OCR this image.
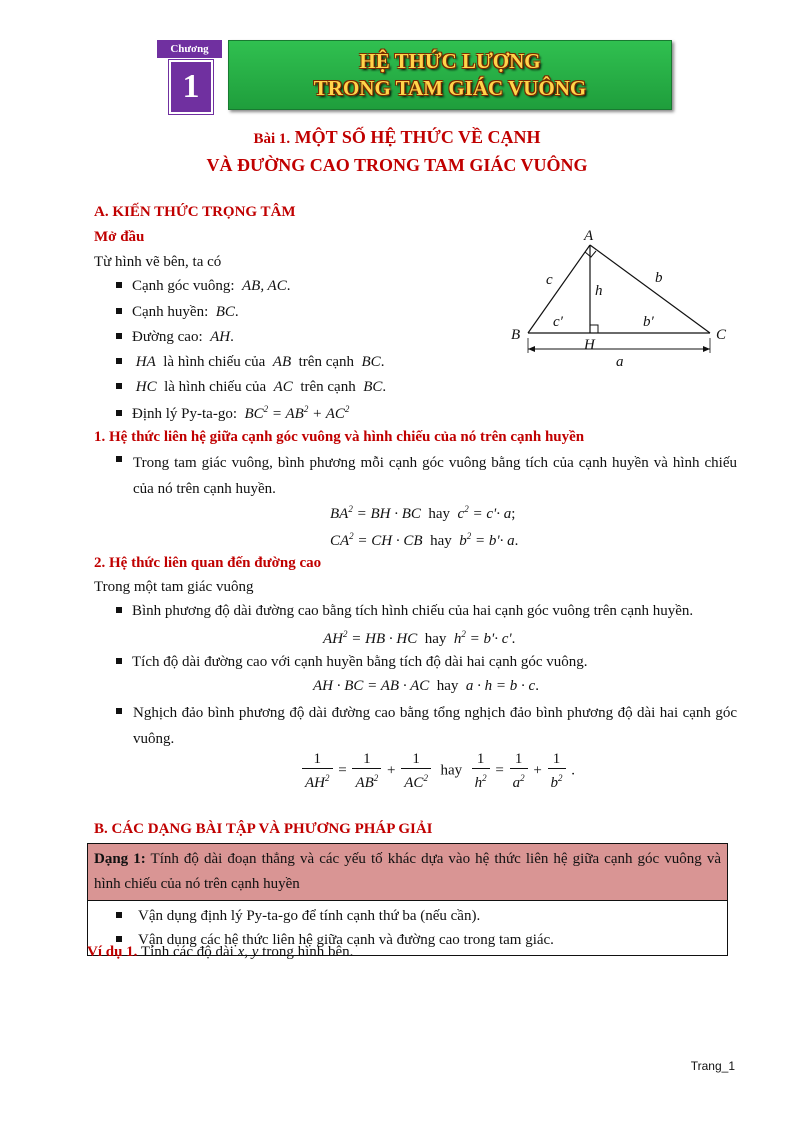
Chương
1
HỆ THỨC LƯỢNG
TRONG TAM GIÁC VUÔNG
Bài 1. MỘT SỐ HỆ THỨC VỀ CẠNH
VÀ ĐƯỜNG CAO TRONG TAM GIÁC VUÔNG
A. KIẾN THỨC TRỌNG TÂM
Mở đầu
Từ hình vẽ bên, ta có
Cạnh góc vuông: AB, AC.
Cạnh huyền: BC.
Đường cao: AH.
HA là hình chiếu của AB trên cạnh BC.
HC là hình chiếu của AC trên cạnh BC.
Định lý Py-ta-go: $BC^2 = AB^2 + AC^2$
A
B	C
H
c	b
h
c′	b′
a
1. Hệ thức liên hệ giữa cạnh góc vuông và hình chiếu của nó trên cạnh huyền
Trong tam giác vuông, bình phương mỗi cạnh góc vuông bằng tích của cạnh huyền và hình chiếu của nó trên cạnh huyền.
$BA^2$ = BH · BC hay $c^2 = c'\cdot a$;
$CA^2$ = CH · CB hay $b^2 = b'\cdot a$.
2. Hệ thức liên quan đến đường cao
Trong một tam giác vuông
Bình phương độ dài đường cao bằng tích hình chiếu của hai cạnh góc vuông trên cạnh huyền.
$AH^2$ = HB · HC hay $h^2 = b'\cdot c'$.
Tích độ dài đường cao với cạnh huyền bằng tích độ dài hai cạnh góc vuông.
AH · BC = AB · AC hay a · h = b · c.
Nghịch đảo bình phương độ dài đường cao bằng tổng nghịch đảo bình phương độ dài hai cạnh góc vuông.
$\frac{1}{AH^2} = \frac{1}{AB^2} + \frac{1}{AC^2}$ hay $\frac{1}{h^2} = \frac{1}{a^2} + \frac{1}{b^2}$ .
B. CÁC DẠNG BÀI TẬP VÀ PHƯƠNG PHÁP GIẢI
Dạng 1: Tính độ dài đoạn thẳng và các yếu tố khác dựa vào hệ thức liên hệ giữa cạnh góc vuông và hình chiếu của nó trên cạnh huyền
Vận dụng định lý Py-ta-go để tính cạnh thứ ba (nếu cần).
Vận dụng các hệ thức liên hệ giữa cạnh và đường cao trong tam giác.
Ví dụ 1. Tính các độ dài x, y trong hình bên.
Trang_1
